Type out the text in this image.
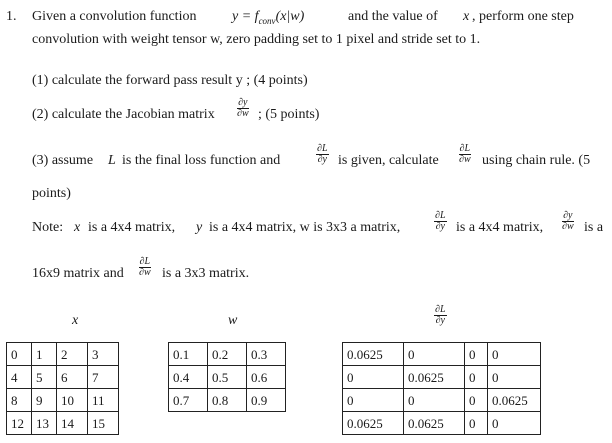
1. Given a convolution function	$y = f_{conv}(x|w)$	and the value of x , perform one step
convolution with weight tensor w, zero padding set to 1 pixel and stride set to 1.
(1) calculate the forward pass result y ; (4 points)
(2) calculate the Jacobian matrix $\frac{\partial y}{\partial w}$ ; (5 points)
(3) assume L is the final loss function and	$\frac{\partial L}{\partial y}$ is given, calculate $\frac{\partial L}{\partial w}$ using chain rule. (5
points)
Note: x is a 4x4 matrix, y is a 4x4 matrix, w is 3x3 a matrix,	$\frac{\partial L}{\partial y}$ is a 4x4 matrix, $\frac{\partial y}{\partial w}$ is a
16x9 matrix and $\frac{\partial L}{\partial w}$ is a 3x3 matrix.
x	w	$\frac{\partial L}{\partial y}$
0	1	2	3
4	5	6	7
8	9	10	11
12	13	14	15
0.1	0.2	0.3
0.4	0.5	0.6
0.7	0.8	0.9
0.0625	0	0	0
0	0.0625	0	0
0	0	0	0.0625
0.0625	0.0625	0	0
